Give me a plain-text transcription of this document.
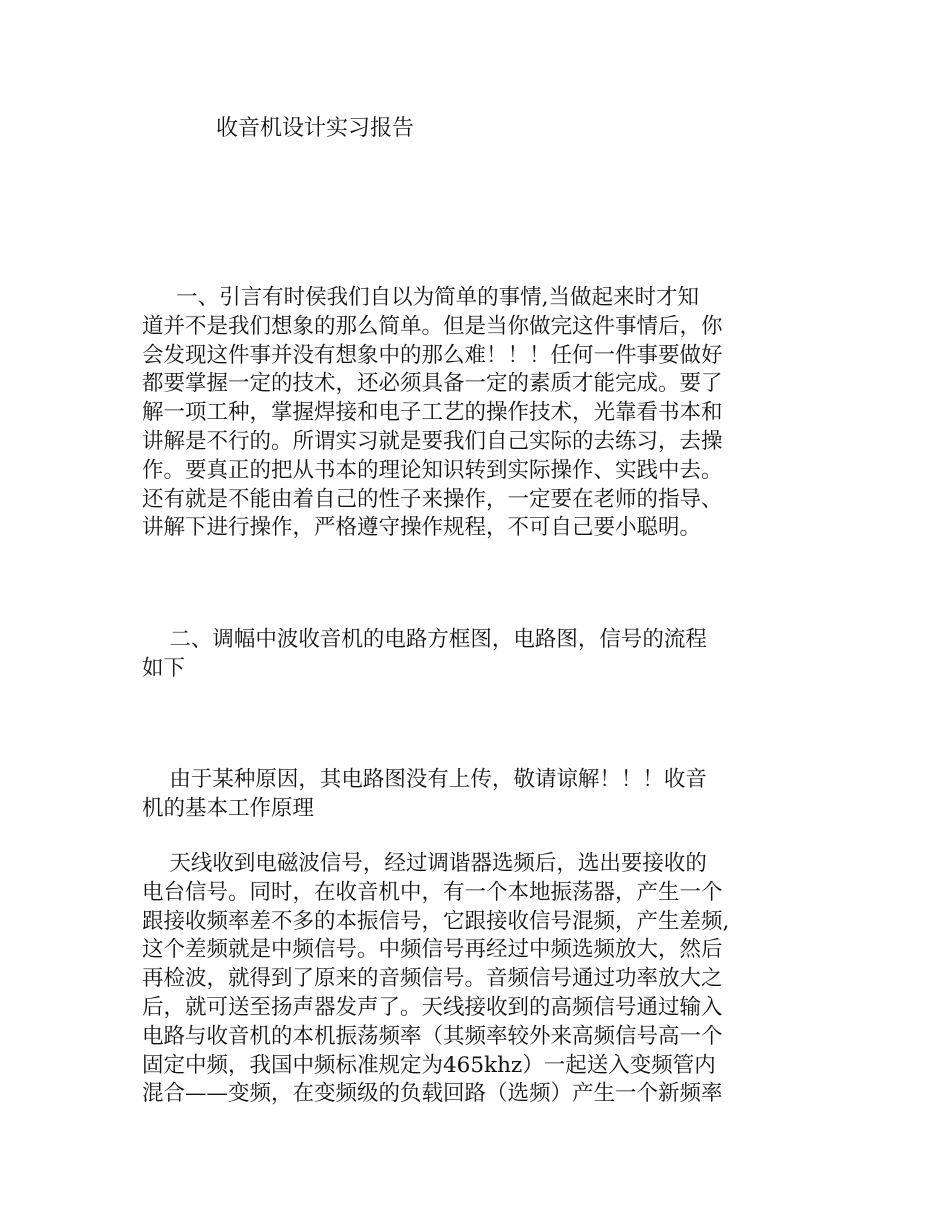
收音机设计实习报告
一、引言有时侯我们自以为简单的事情,当做起来时才知
道并不是我们想象的那么简单。但是当你做完这件事情后，你
会发现这件事并没有想象中的那么难！！！任何一件事要做好
都要掌握一定的技术，还必须具备一定的素质才能完成。要了
解一项工种，掌握焊接和电子工艺的操作技术，光靠看书本和
讲解是不行的。所谓实习就是要我们自己实际的去练习，去操
作。要真正的把从书本的理论知识转到实际操作、实践中去。
还有就是不能由着自己的性子来操作，一定要在老师的指导、
讲解下进行操作，严格遵守操作规程，不可自己要小聪明。
二、调幅中波收音机的电路方框图，电路图，信号的流程
如下
由于某种原因，其电路图没有上传，敬请谅解！！！收音
机的基本工作原理
天线收到电磁波信号，经过调谐器选频后，选出要接收的
电台信号。同时，在收音机中，有一个本地振荡器，产生一个
跟接收频率差不多的本振信号，它跟接收信号混频，产生差频,
这个差频就是中频信号。中频信号再经过中频选频放大，然后
再检波，就得到了原来的音频信号。音频信号通过功率放大之
后，就可送至扬声器发声了。天线接收到的高频信号通过输入
电路与收音机的本机振荡频率（其频率较外来高频信号高一个
固定中频，我国中频标准规定为465khz）一起送入变频管内
混合——变频，在变频级的负载回路（选频）产生一个新频率
